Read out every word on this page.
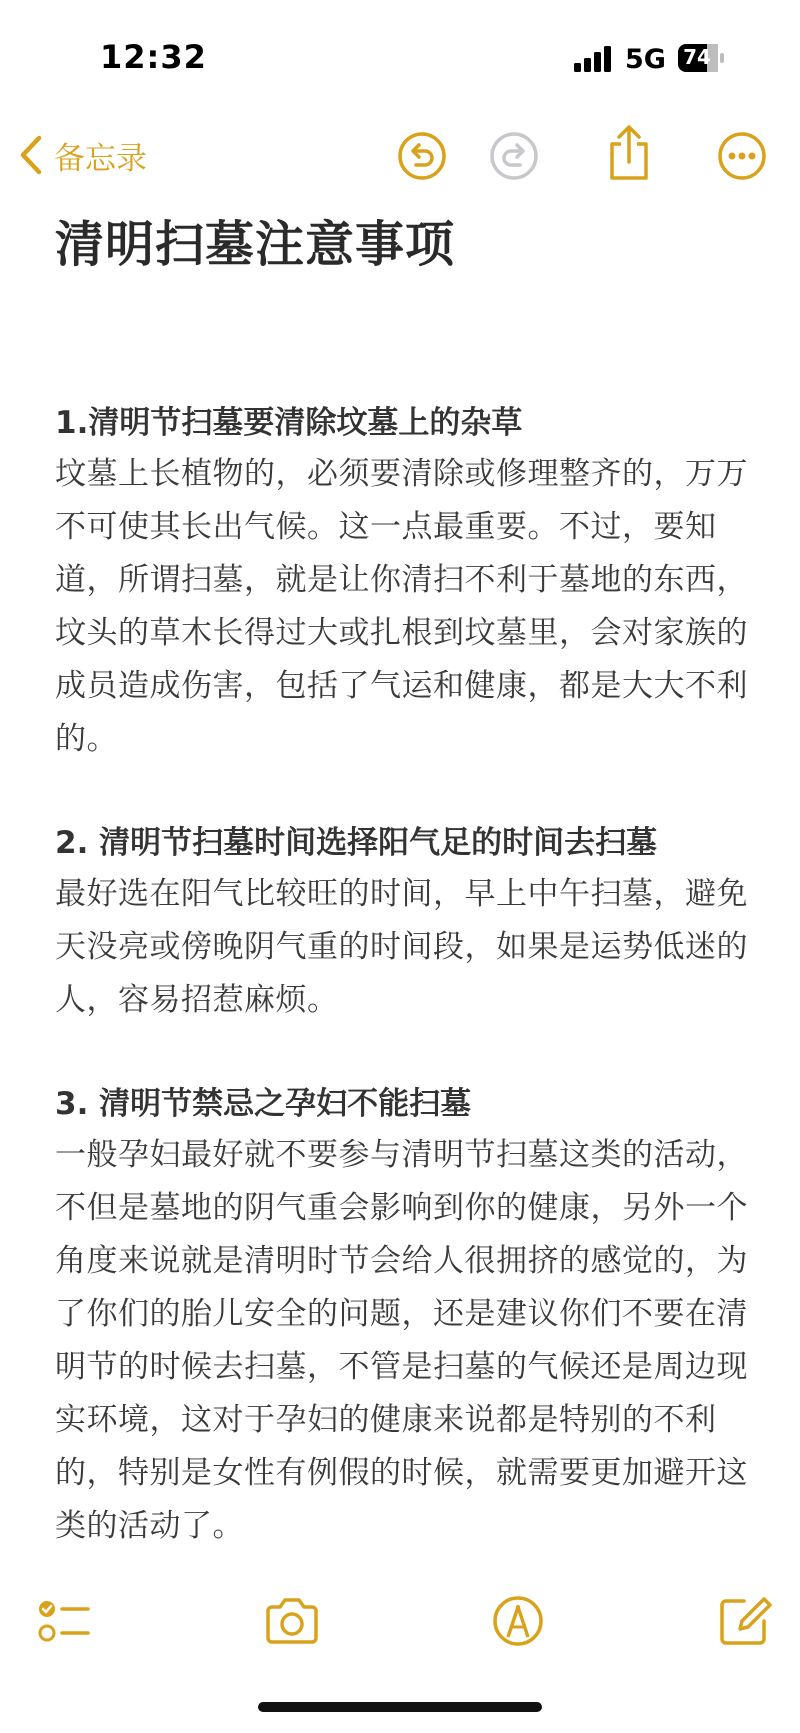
12:32	5G 74
备忘录
清明扫墓注意事项
1.清明节扫墓要清除坟墓上的杂草
坟墓上长植物的，必须要清除或修理整齐的，万万不可使其长出气候。这一点最重要。不过，要知道，所谓扫墓，就是让你清扫不利于墓地的东西，坟头的草木长得过大或扎根到坟墓里，会对家族的成员造成伤害，包括了气运和健康，都是大大不利的。
2. 清明节扫墓时间选择阳气足的时间去扫墓
最好选在阳气比较旺的时间，早上中午扫墓，避免天没亮或傍晚阴气重的时间段，如果是运势低迷的人，容易招惹麻烦。
3. 清明节禁忌之孕妇不能扫墓
一般孕妇最好就不要参与清明节扫墓这类的活动，不但是墓地的阴气重会影响到你的健康，另外一个角度来说就是清明时节会给人很拥挤的感觉的，为了你们的胎儿安全的问题，还是建议你们不要在清明节的时候去扫墓，不管是扫墓的气候还是周边现实环境，这对于孕妇的健康来说都是特别的不利的，特别是女性有例假的时候，就需要更加避开这类的活动了。
